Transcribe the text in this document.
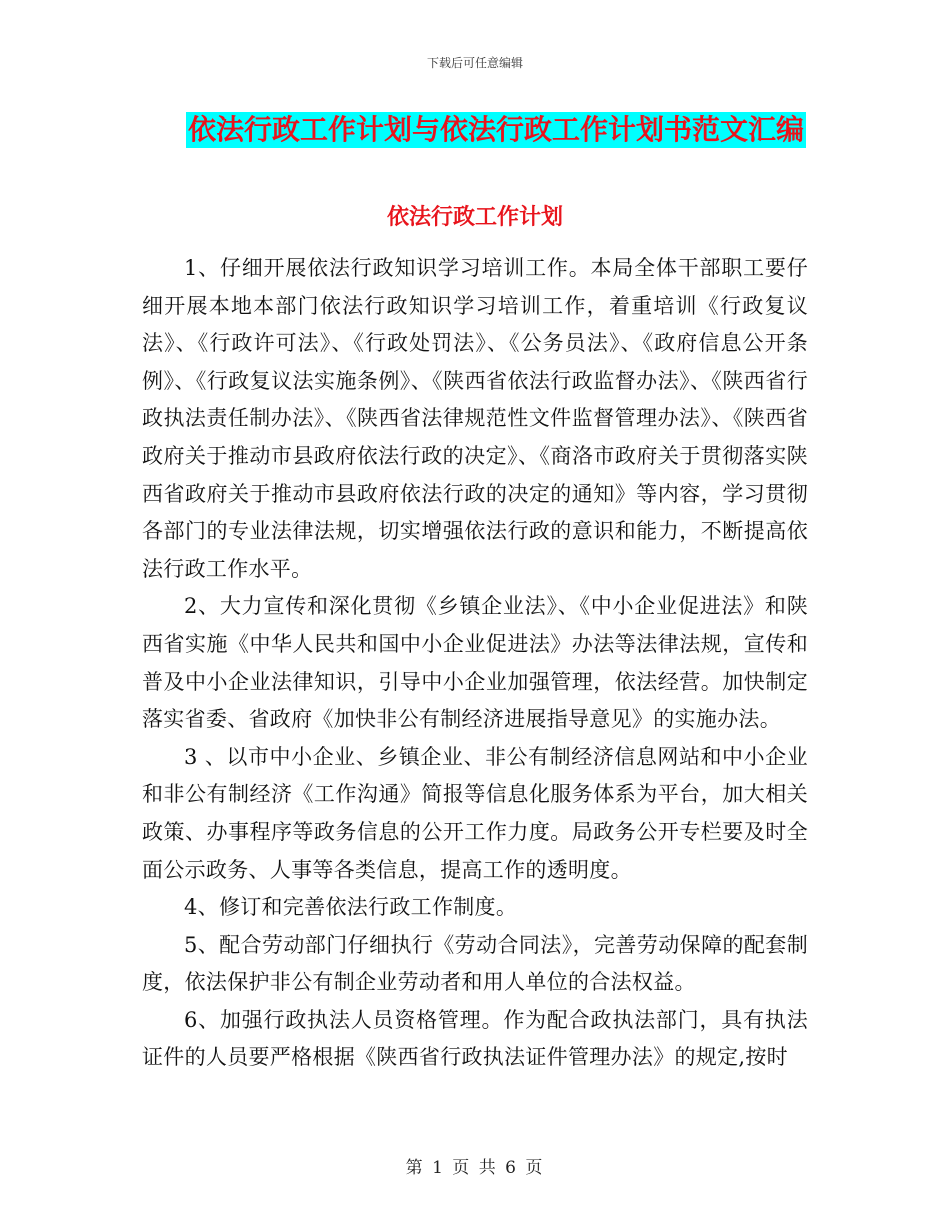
下载后可任意编辑
依法行政工作计划与依法行政工作计划书范文汇编
依法行政工作计划

1、仔细开展依法行政知识学习培训工作。本局全体干部职工要仔细开展本地本部门依法行政知识学习培训工作，着重培训《行政复议法》、《行政许可法》、《行政处罚法》、《公务员法》、《政府信息公开条例》、《行政复议法实施条例》、《陕西省依法行政监督办法》、《陕西省行政执法责任制办法》、《陕西省法律规范性文件监督管理办法》、《陕西省政府关于推动市县政府依法行政的决定》、《商洛市政府关于贯彻落实陕西省政府关于推动市县政府依法行政的决定的通知》等内容，学习贯彻各部门的专业法律法规，切实增强依法行政的意识和能力，不断提高依法行政工作水平。

2、大力宣传和深化贯彻《乡镇企业法》、《中小企业促进法》和陕西省实施《中华人民共和国中小企业促进法》办法等法律法规，宣传和普及中小企业法律知识，引导中小企业加强管理，依法经营。加快制定落实省委、省政府《加快非公有制经济进展指导意见》的实施办法。

3 、以市中小企业、乡镇企业、非公有制经济信息网站和中小企业和非公有制经济《工作沟通》简报等信息化服务体系为平台，加大相关政策、办事程序等政务信息的公开工作力度。局政务公开专栏要及时全面公示政务、人事等各类信息，提高工作的透明度。

4、修订和完善依法行政工作制度。

5、配合劳动部门仔细执行《劳动合同法》，完善劳动保障的配套制度，依法保护非公有制企业劳动者和用人单位的合法权益。

6、加强行政执法人员资格管理。作为配合政执法部门，具有执法证件的人员要严格根据《陕西省行政执法证件管理办法》的规定,按时

第 1 页 共 6 页
